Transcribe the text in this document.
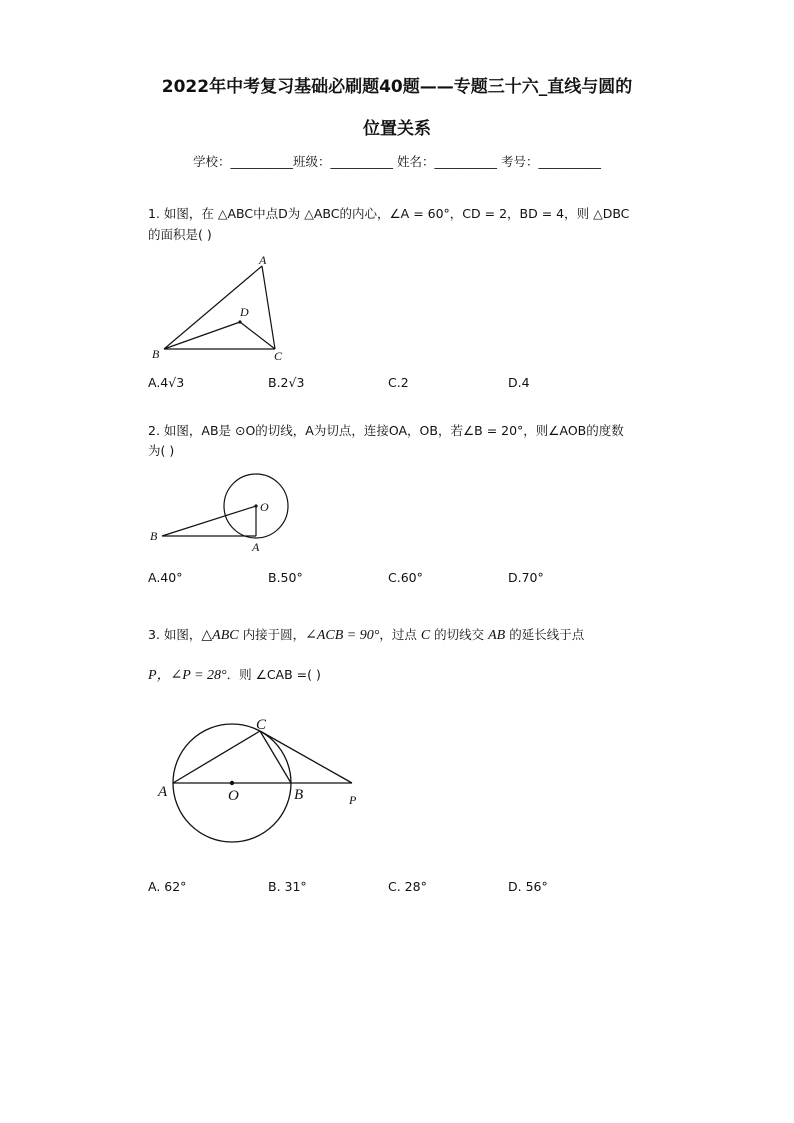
2022年中考复习基础必刷题40题——专题三十六_直线与圆的
位置关系
学校：__________班级：__________ 姓名：__________ 考号：__________
1. 如图，在 △ABC中点D为 △ABC的内心，∠A = 60°，CD = 2，BD = 4，则 △DBC
的面积是( )
A
B	C
D
A.4√3	B.2√3	C.2	D.4
2. 如图，AB是 ⊙O的切线，A为切点，连接OA，OB，若∠B = 20°，则∠AOB的度数
为( )
O
B
A
A.40°	B.50°	C.60°	D.70°
3. 如图，△ABC 内接于圆，∠ACB = 90°，过点 C 的切线交 AB 的延长线于点
P，∠P = 28°．则 ∠CAB =( )
A	O	B
C
P
A. 62°	B. 31°	C. 28°	D. 56°
